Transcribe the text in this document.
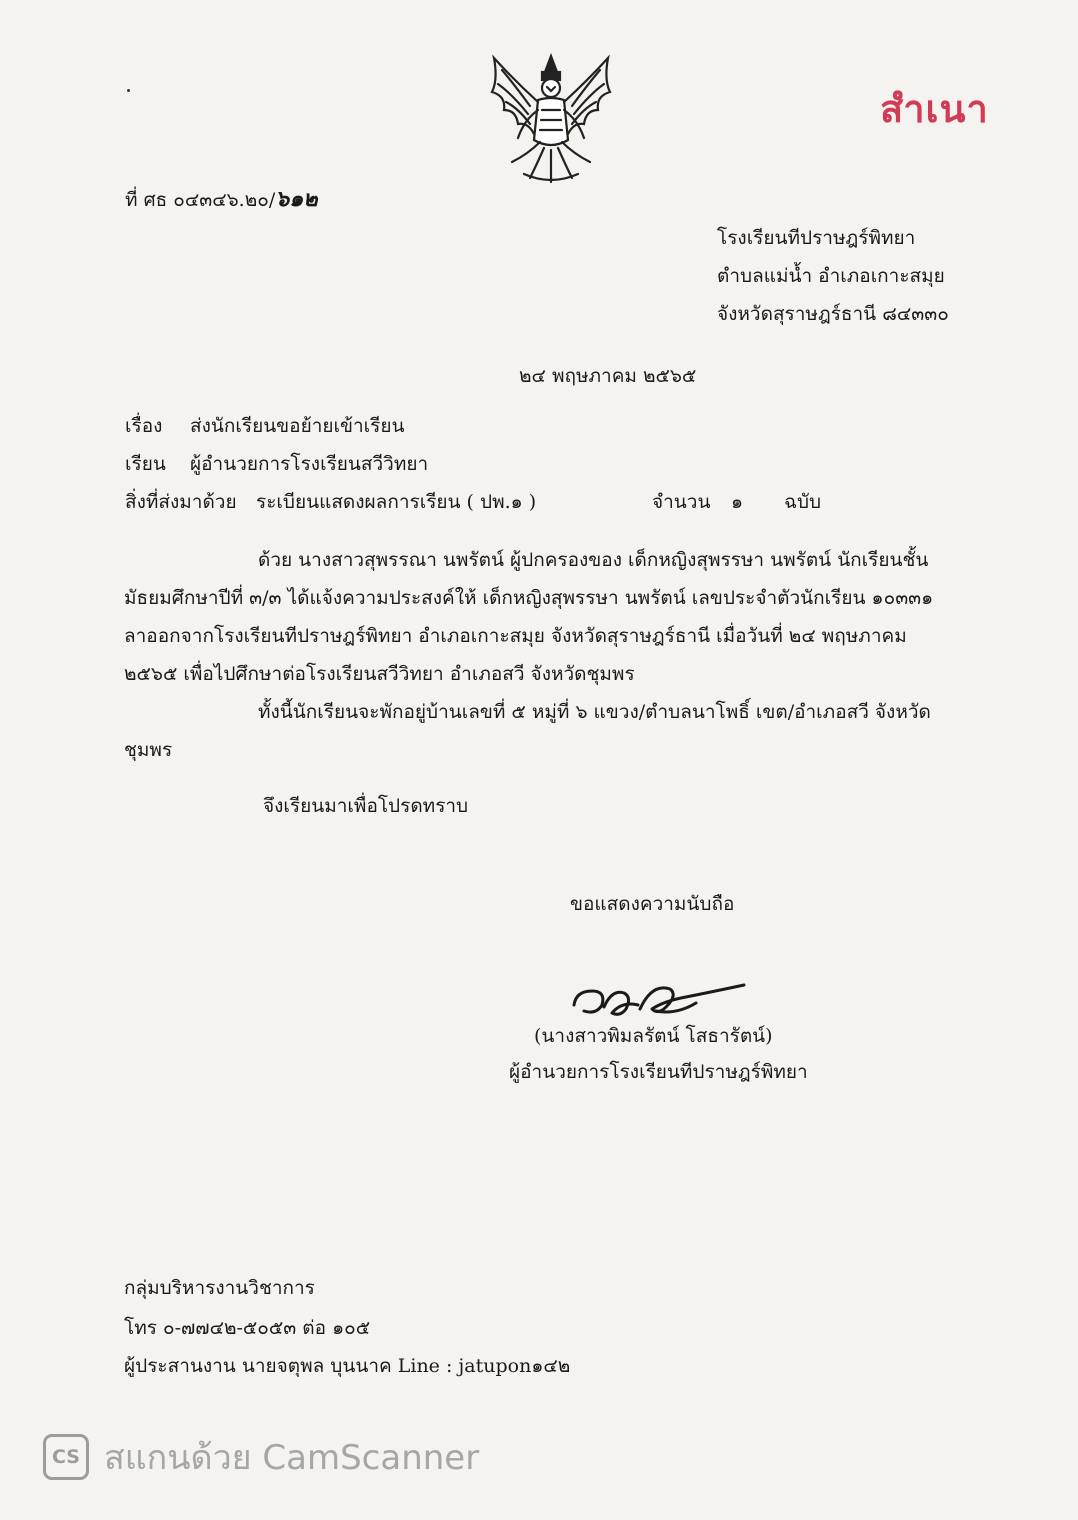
สำเนา
ที่ ศธ ๐๔๓๔๖.๒๐/๖๑๒
โรงเรียนทีปราษฎร์พิทยา
ตำบลแม่น้ำ อำเภอเกาะสมุย
จังหวัดสุราษฎร์ธานี ๘๔๓๓๐
๒๔ พฤษภาคม ๒๕๖๕
เรื่อง ส่งนักเรียนขอย้ายเข้าเรียน
เรียน ผู้อำนวยการโรงเรียนสวีวิทยา
สิ่งที่ส่งมาด้วย ระเบียนแสดงผลการเรียน ( ปพ.๑ )	จำนวน ๑ ฉบับ
ด้วย นางสาวสุพรรณา นพรัตน์ ผู้ปกครองของ เด็กหญิงสุพรรษา นพรัตน์ นักเรียนชั้น
มัธยมศึกษาปีที่ ๓/๓ ได้แจ้งความประสงค์ให้ เด็กหญิงสุพรรษา นพรัตน์ เลขประจำตัวนักเรียน ๑๐๓๓๑
ลาออกจากโรงเรียนทีปราษฎร์พิทยา อำเภอเกาะสมุย จังหวัดสุราษฎร์ธานี เมื่อวันที่ ๒๔ พฤษภาคม
๒๕๖๕ เพื่อไปศึกษาต่อโรงเรียนสวีวิทยา อำเภอสวี จังหวัดชุมพร
ทั้งนี้นักเรียนจะพักอยู่บ้านเลขที่ ๕ หมู่ที่ ๖ แขวง/ตำบลนาโพธิ์ เขต/อำเภอสวี จังหวัด
ชุมพร
จึงเรียนมาเพื่อโปรดทราบ
ขอแสดงความนับถือ
(นางสาวพิมลรัตน์ โสธารัตน์)
ผู้อำนวยการโรงเรียนทีปราษฎร์พิทยา
กลุ่มบริหารงานวิชาการ
โทร ๐-๗๗๔๒-๕๐๕๓ ต่อ ๑๐๕
ผู้ประสานงาน นายจตุพล บุนนาค Line : jatupon๑๔๒
CS สแกนด้วย CamScanner
